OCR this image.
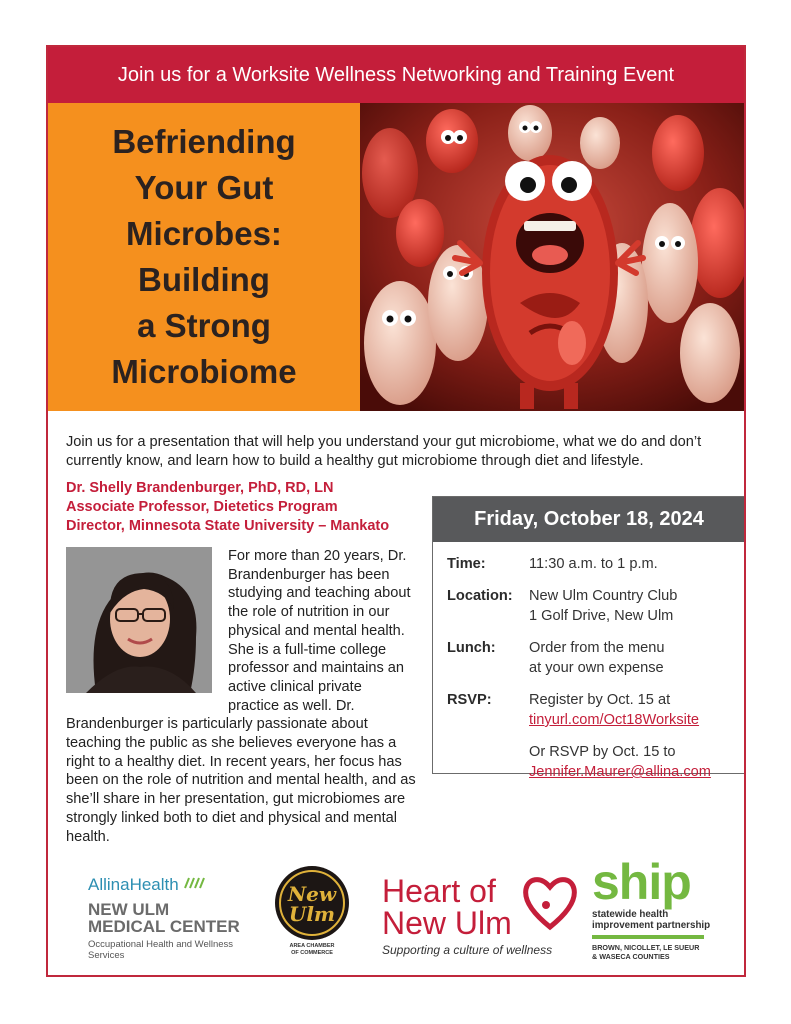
Join us for a Worksite Wellness Networking and Training Event
Befriending
Your Gut
Microbes:
Building
a Strong
Microbiome

Join us for a presentation that will help you understand your gut microbiome, what we do and don’t currently know, and learn how to build a healthy gut microbiome through diet and lifestyle.

Dr. Shelly Brandenburger, PhD, RD, LN
Associate Professor, Dietetics Program
Director, Minnesota State University – Mankato
For more than 20 years, Dr. Brandenburger has been studying and teaching about the role of nutrition in our physical and mental health. She is a full-time college professor and maintains an active clinical private practice as well. Dr. Brandenburger is particularly passionate about teaching the public as she believes everyone has a right to a healthy diet. In recent years, her focus has been on the role of nutrition and mental health, and as she’ll share in her presentation, gut microbiomes are strongly linked both to diet and physical and mental health.
Friday, October 18, 2024
Time:	11:30 a.m. to 1 p.m.
Location:	New Ulm Country Club
1 Golf Drive, New Ulm
Lunch:	Order from the menu
at your own expense
RSVP:	Register by Oct. 15 at
tinyurl.com/Oct18Worksite
Or RSVP by Oct. 15 to
Jennifer.Maurer@allina.com
AllinaHealth
NEW ULM
MEDICAL CENTER
Occupational Health and Wellness Services
New
Ulm
AREA CHAMBER
OF COMMERCE
Heart of
New Ulm
Supporting a culture of wellness
ship
statewide health
improvement partnership
BROWN, NICOLLET, LE SUEUR
& WASECA COUNTIES
